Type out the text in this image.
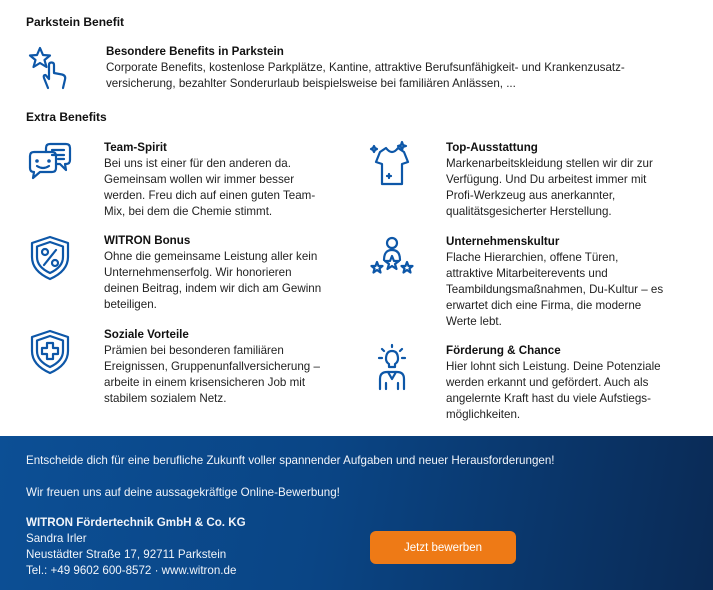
Parkstein Benefit
Besondere Benefits in Parkstein
Corporate Benefits, kostenlose Parkplätze, Kantine, attraktive Berufsunfähigkeit- und Krankenzusatz-
versicherung, bezahlter Sonderurlaub beispielsweise bei familiären Anlässen, ...
Extra Benefits
Team-Spirit
Bei uns ist einer für den anderen da.
Gemeinsam wollen wir immer besser
werden. Freu dich auf einen guten Team-
Mix, bei dem die Chemie stimmt.
Top-Ausstattung
Markenarbeitskleidung stellen wir dir zur
Verfügung. Und Du arbeitest immer mit
Profi-Werkzeug aus anerkannter,
qualitätsgesicherter Herstellung.
WITRON Bonus
Ohne die gemeinsame Leistung aller kein
Unternehmenserfolg. Wir honorieren
deinen Beitrag, indem wir dich am Gewinn
beteiligen.
Unternehmenskultur
Flache Hierarchien, offene Türen,
attraktive Mitarbeiterevents und
Teambildungsmaßnahmen, Du-Kultur – es
erwartet dich eine Firma, die moderne
Werte lebt.
Soziale Vorteile
Prämien bei besonderen familiären
Ereignissen, Gruppenunfallversicherung –
arbeite in einem krisensicheren Job mit
stabilem sozialem Netz.
Förderung & Chance
Hier lohnt sich Leistung. Deine Potenziale
werden erkannt und gefördert. Auch als
angelernte Kraft hast du viele Aufstiegs-
möglichkeiten.
Entscheide dich für eine berufliche Zukunft voller spannender Aufgaben und neuer Herausforderungen!
Wir freuen uns auf deine aussagekräftige Online-Bewerbung!
WITRON Fördertechnik GmbH & Co. KG
Sandra Irler
Neustädter Straße 17, 92711 Parkstein
Tel.: +49 9602 600-8572 · www.witron.de
Jetzt bewerben
